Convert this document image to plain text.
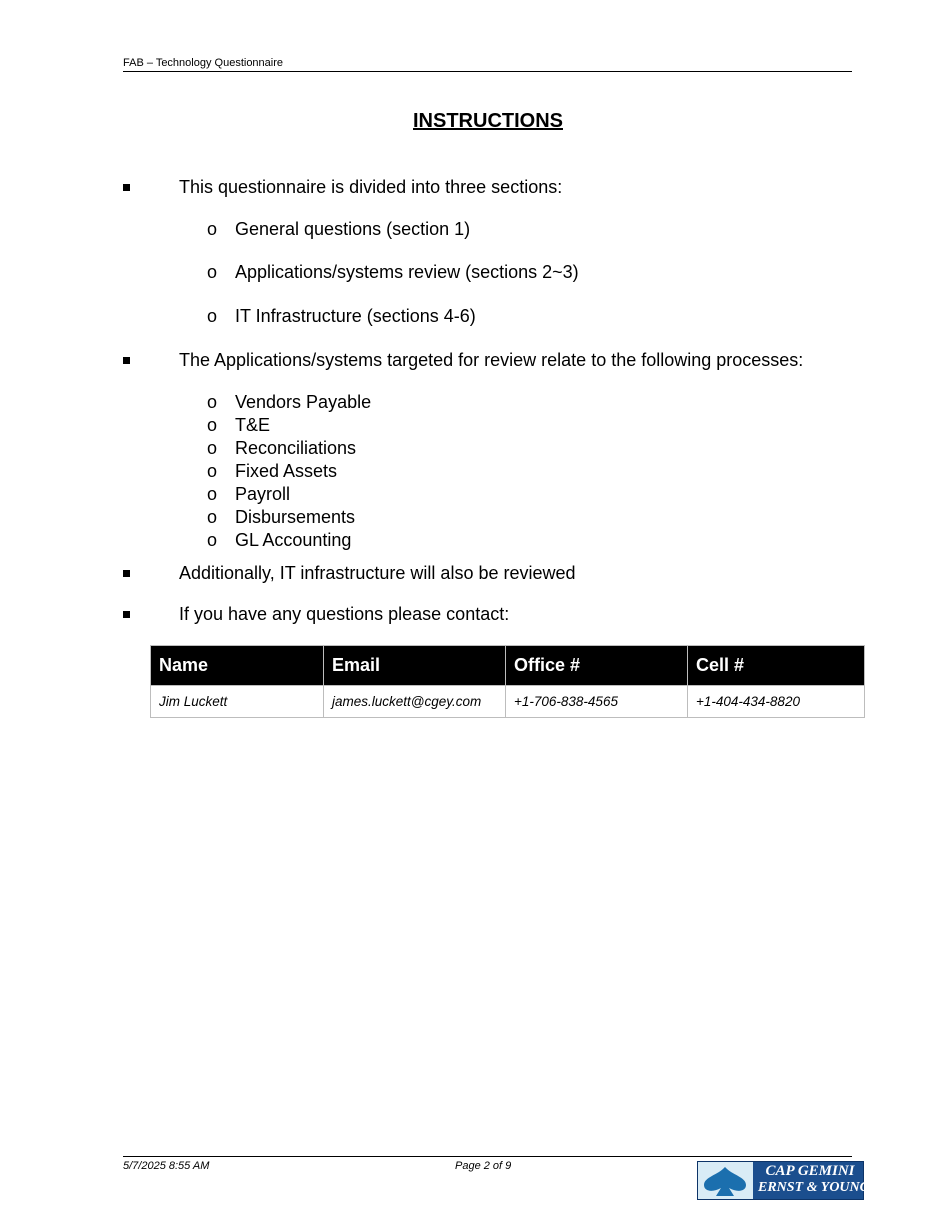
FAB – Technology Questionnaire
INSTRUCTIONS
This questionnaire is divided into three sections:
o General questions (section 1)
o Applications/systems review (sections 2~3)
o IT Infrastructure (sections 4-6)
The Applications/systems targeted for review relate to the following processes:
o Vendors Payable
o T&E
o Reconciliations
o Fixed Assets
o Payroll
o Disbursements
o GL Accounting
Additionally, IT infrastructure will also be reviewed
If you have any questions please contact:
Name	Email	Office #	Cell #
Jim Luckett	james.luckett@cgey.com	+1-706-838-4565	+1-404-434-8820
5/7/2025 8:55 AM	Page 2 of 9	CAP GEMINI
ERNST & YOUNG
